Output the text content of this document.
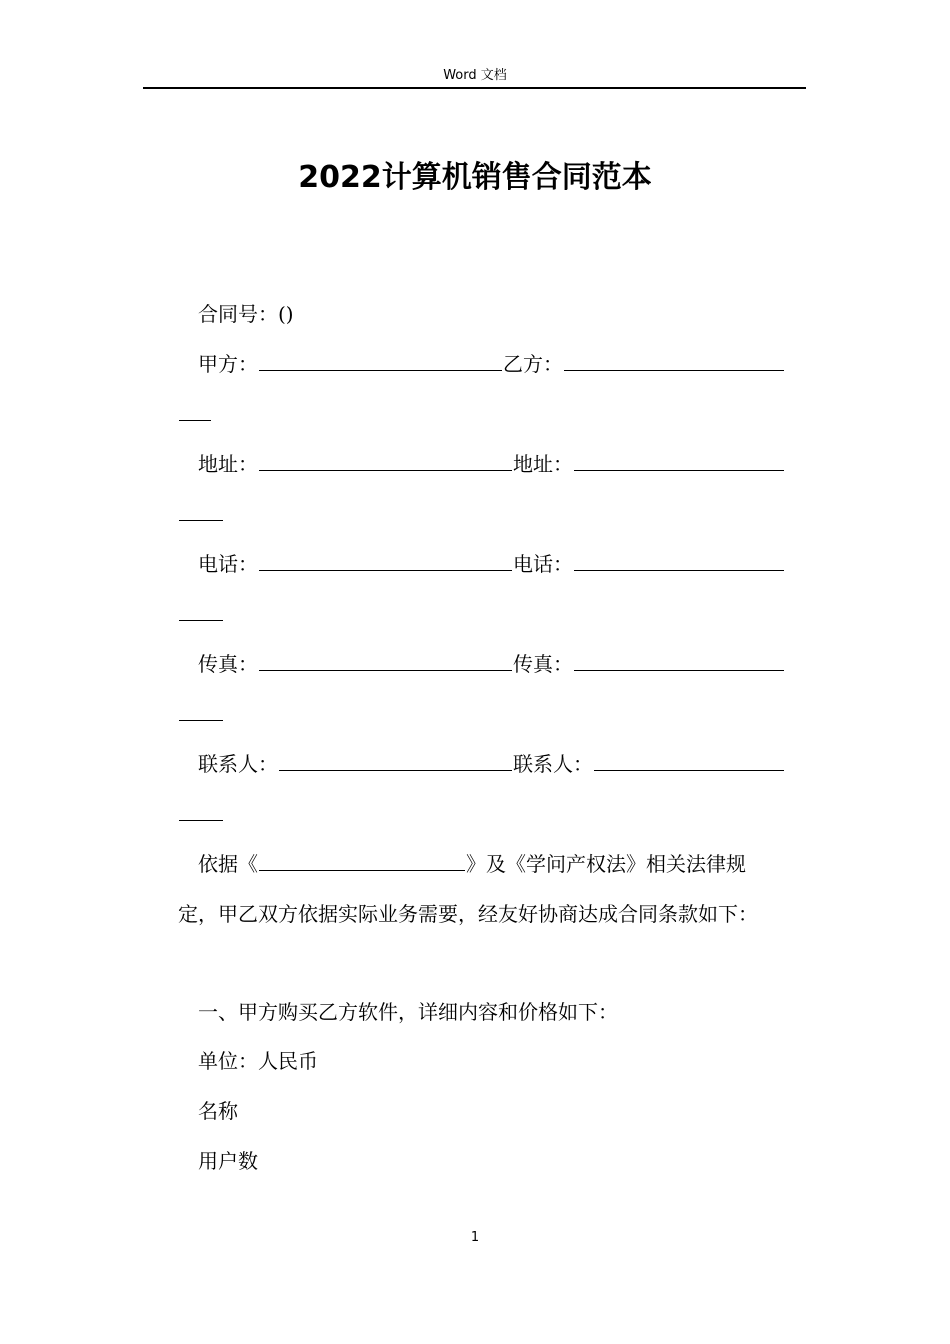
Word 文档
2022计算机销售合同范本
合同号：()
甲方：	乙方：
地址：	地址：
电话：	电话：
传真：	传真：
联系人：	联系人：
依据《	》及《学问产权法》相关法律规
定，甲乙双方依据实际业务需要，经友好协商达成合同条款如下：
一、甲方购买乙方软件，详细内容和价格如下：
单位：人民币
名称
用户数
1
